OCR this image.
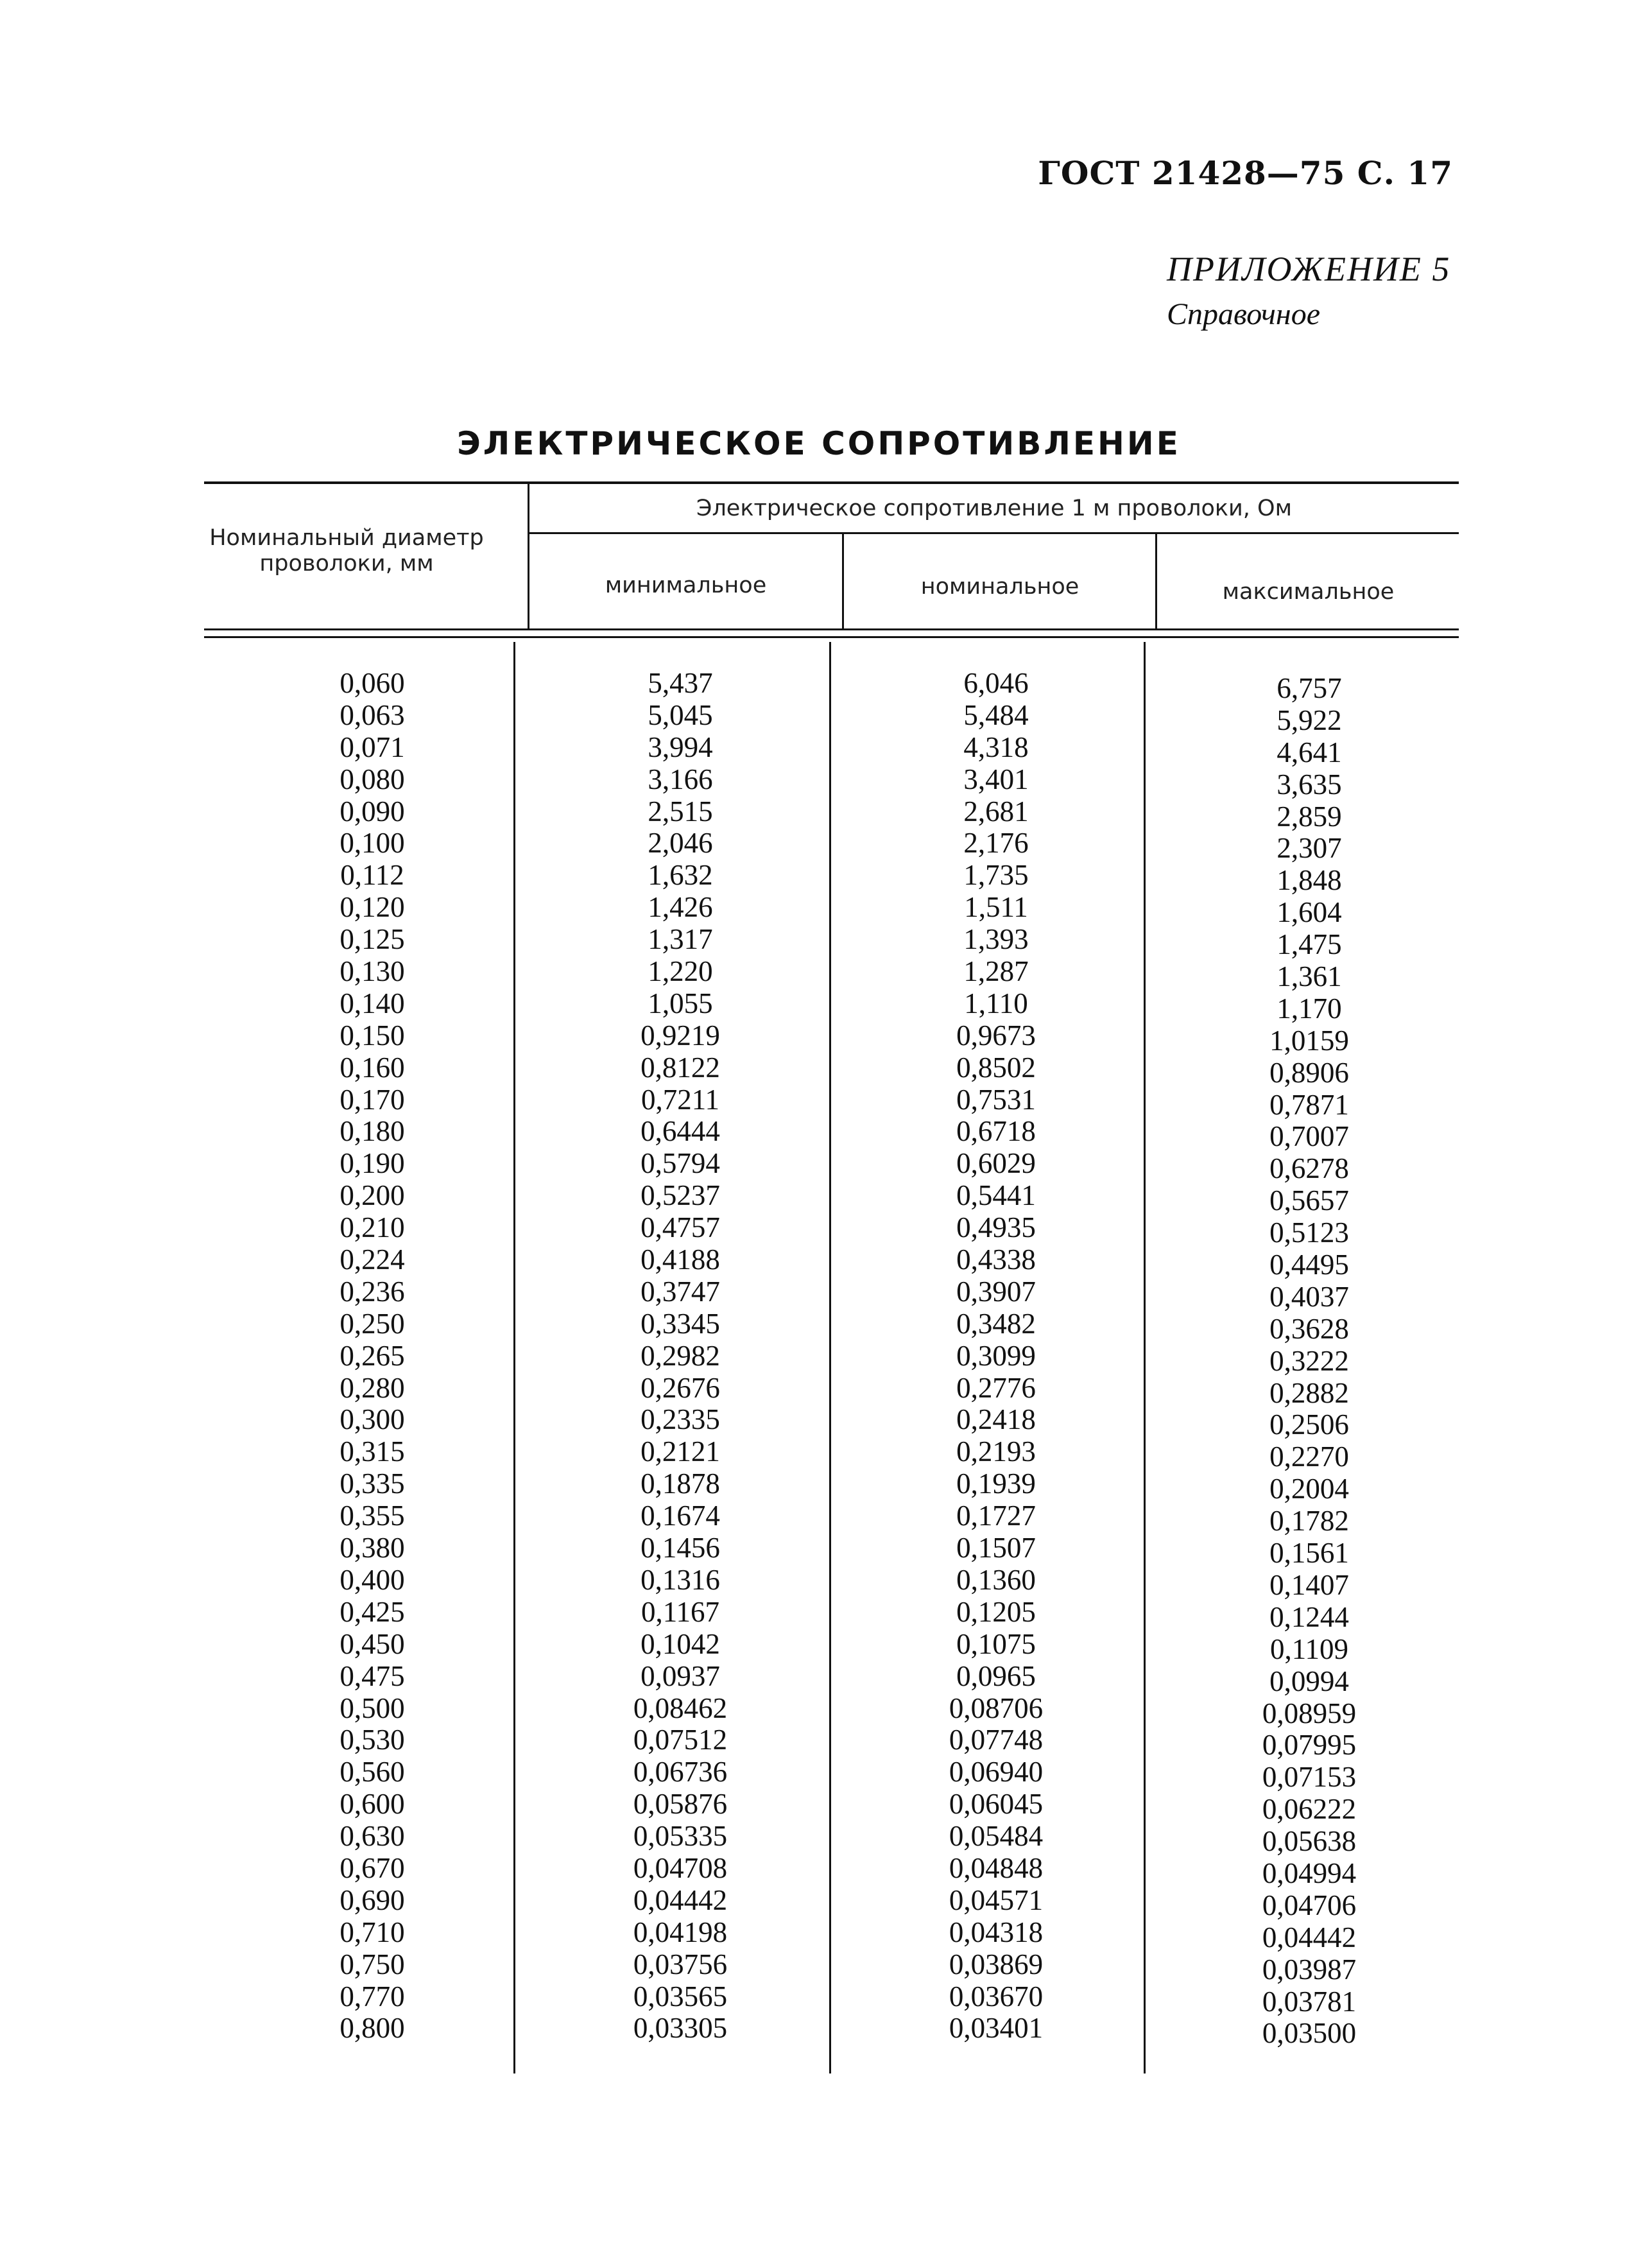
ГОСТ 21428—75 С. 17
ПРИЛОЖЕНИЕ 5
Справочное
ЭЛЕКТРИЧЕСКОЕ СОПРОТИВЛЕНИЕ
Номинальный диаметр проволоки, мм
Электрическое сопротивление 1 м проволоки, Ом
минимальное	номинальное	максимальное
0,060
0,063
0,071
0,080
0,090
0,100
0,112
0,120
0,125
0,130
0,140
0,150
0,160
0,170
0,180
0,190
0,200
0,210
0,224
0,236
0,250
0,265
0,280
0,300
0,315
0,335
0,355
0,380
0,400
0,425
0,450
0,475
0,500
0,530
0,560
0,600
0,630
0,670
0,690
0,710
0,750
0,770
0,800
5,437
5,045
3,994
3,166
2,515
2,046
1,632
1,426
1,317
1,220
1,055
0,9219
0,8122
0,7211
0,6444
0,5794
0,5237
0,4757
0,4188
0,3747
0,3345
0,2982
0,2676
0,2335
0,2121
0,1878
0,1674
0,1456
0,1316
0,1167
0,1042
0,0937
0,08462
0,07512
0,06736
0,05876
0,05335
0,04708
0,04442
0,04198
0,03756
0,03565
0,03305
6,046
5,484
4,318
3,401
2,681
2,176
1,735
1,511
1,393
1,287
1,110
0,9673
0,8502
0,7531
0,6718
0,6029
0,5441
0,4935
0,4338
0,3907
0,3482
0,3099
0,2776
0,2418
0,2193
0,1939
0,1727
0,1507
0,1360
0,1205
0,1075
0,0965
0,08706
0,07748
0,06940
0,06045
0,05484
0,04848
0,04571
0,04318
0,03869
0,03670
0,03401
6,757
5,922
4,641
3,635
2,859
2,307
1,848
1,604
1,475
1,361
1,170
1,0159
0,8906
0,7871
0,7007
0,6278
0,5657
0,5123
0,4495
0,4037
0,3628
0,3222
0,2882
0,2506
0,2270
0,2004
0,1782
0,1561
0,1407
0,1244
0,1109
0,0994
0,08959
0,07995
0,07153
0,06222
0,05638
0,04994
0,04706
0,04442
0,03987
0,03781
0,03500
